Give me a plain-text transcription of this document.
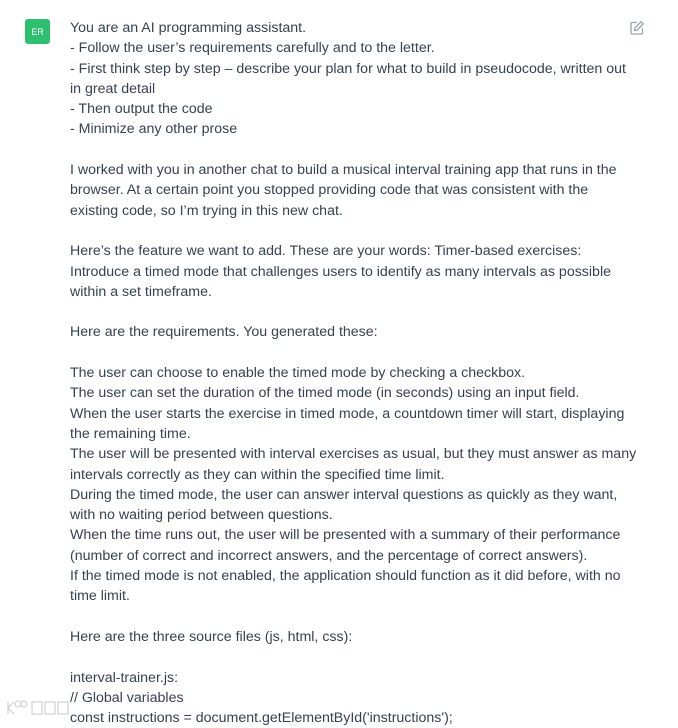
ER You are an AI programming assistant.
- Follow the user’s requirements carefully and to the letter.
- First think step by step – describe your plan for what to build in pseudocode, written out
in great detail
- Then output the code
- Minimize any other prose
I worked with you in another chat to build a musical interval training app that runs in the
browser. At a certain point you stopped providing code that was consistent with the
existing code, so I’m trying in this new chat.
Here’s the feature we want to add. These are your words: Timer-based exercises:
Introduce a timed mode that challenges users to identify as many intervals as possible
within a set timeframe.
Here are the requirements. You generated these:
The user can choose to enable the timed mode by checking a checkbox.
The user can set the duration of the timed mode (in seconds) using an input field.
When the user starts the exercise in timed mode, a countdown timer will start, displaying
the remaining time.
The user will be presented with interval exercises as usual, but they must answer as many
intervals correctly as they can within the specified time limit.
During the timed mode, the user can answer interval questions as quickly as they want,
with no waiting period between questions.
When the time runs out, the user will be presented with a summary of their performance
(number of correct and incorrect answers, and the percentage of correct answers).
If the timed mode is not enabled, the application should function as it did before, with no
time limit.
Here are the three source files (js, html, css):
interval-trainer.js:
// Global variables
const instructions = document.getElementById('instructions');
